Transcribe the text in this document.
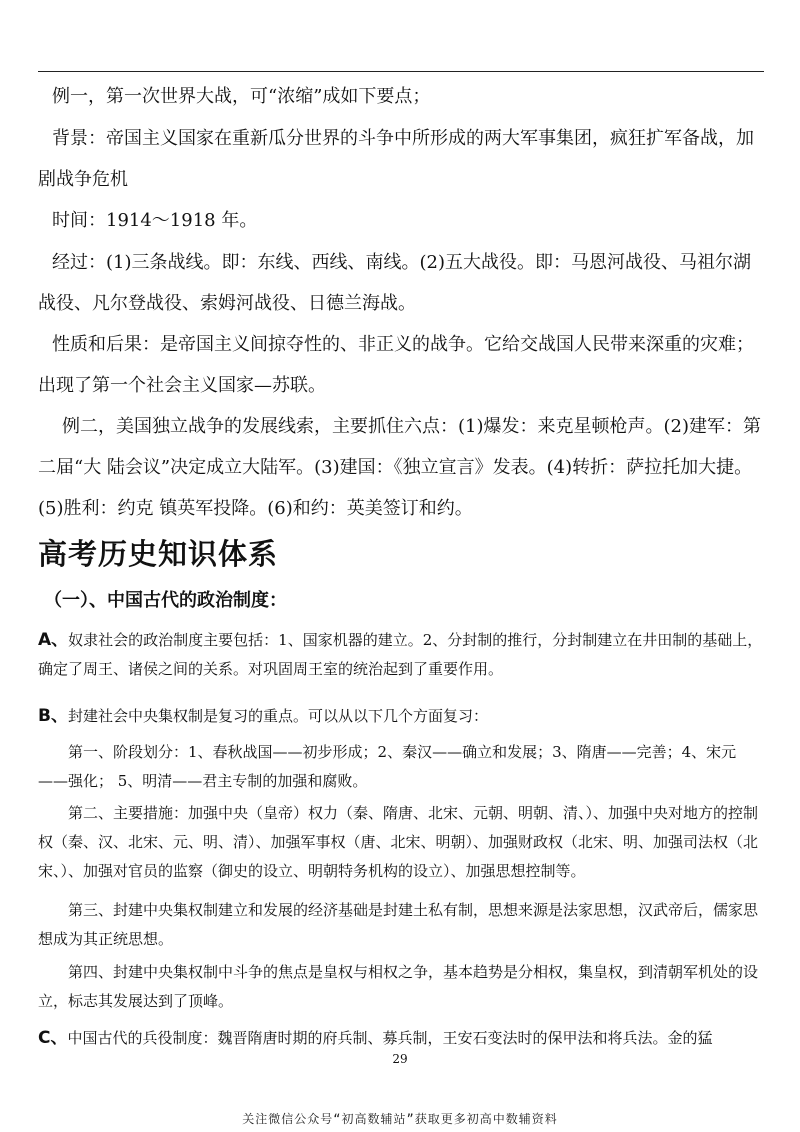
例一，第一次世界大战，可“浓缩”成如下要点；

背景：帝国主义国家在重新瓜分世界的斗争中所形成的两大军事集团，疯狂扩军备战，加剧战争危机

时间：1914～1918 年。

经过：(1)三条战线。即：东线、西线、南线。(2)五大战役。即：马恩河战役、马祖尔湖战役、凡尔登战役、索姆河战役、日德兰海战。

性质和后果：是帝国主义间掠夺性的、非正义的战争。它给交战国人民带来深重的灾难；出现了第一个社会主义国家—苏联。

例二，美国独立战争的发展线索，主要抓住六点：(1)爆发：来克星顿枪声。(2)建军：第二届“大 陆会议”决定成立大陆军。(3)建国：《独立宣言》发表。(4)转折：萨拉托加大捷。(5)胜利：约克 镇英军投降。(6)和约：英美签订和约。

高考历史知识体系
（一）、中国古代的政治制度：

A、奴隶社会的政治制度主要包括：1、国家机器的建立。2、分封制的推行，分封制建立在井田制的基础上，确定了周王、诸侯之间的关系。对巩固周王室的统治起到了重要作用。

B、封建社会中央集权制是复习的重点。可以从以下几个方面复习：

第一、阶段划分：1、春秋战国——初步形成；2、秦汉——确立和发展；3、隋唐——完善；4、宋元——强化； 5、明清——君主专制的加强和腐败。

第二、主要措施：加强中央（皇帝）权力（秦、隋唐、北宋、元朝、明朝、清、）、加强中央对地方的控制权（秦、汉、北宋、元、明、清）、加强军事权（唐、北宋、明朝）、加强财政权（北宋、明、加强司法权（北宋、）、加强对官员的监察（御史的设立、明朝特务机构的设立）、加强思想控制等。

第三、封建中央集权制建立和发展的经济基础是封建土私有制，思想来源是法家思想，汉武帝后，儒家思想成为其正统思想。

第四、封建中央集权制中斗争的焦点是皇权与相权之争，基本趋势是分相权，集皇权，到清朝军机处的设立，标志其发展达到了顶峰。

C、中国古代的兵役制度：魏晋隋唐时期的府兵制、募兵制，王安石变法时的保甲法和将兵法。金的猛

29
关注微信公众号“初高数辅站”获取更多初高中数辅资料
